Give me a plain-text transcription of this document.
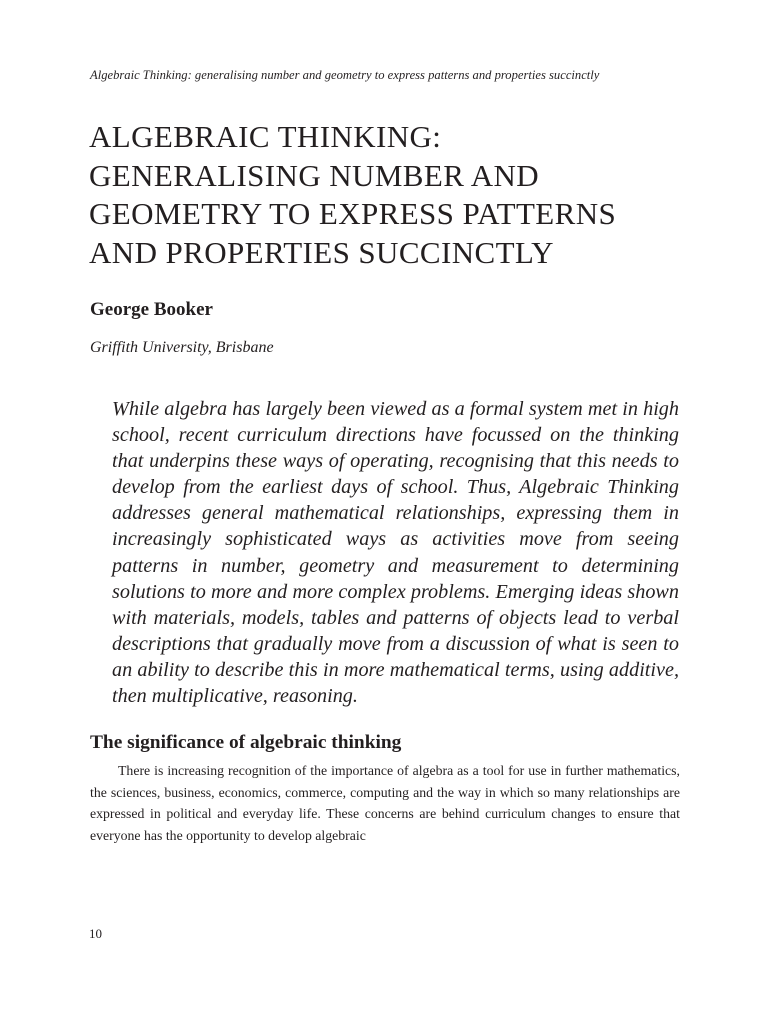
Algebraic Thinking: generalising number and geometry to express patterns and properties succinctly
ALGEBRAIC THINKING:
GENERALISING NUMBER AND
GEOMETRY TO EXPRESS PATTERNS
AND PROPERTIES SUCCINCTLY
George Booker
Griffith University, Brisbane

While algebra has largely been viewed as a formal system met in high school, recent curriculum directions have focussed on the thinking that underpins these ways of operating, recognising that this needs to develop from the earliest days of school. Thus, Algebraic Thinking addresses general mathematical relationships, expressing them in increasingly sophisticated ways as activities move from seeing patterns in number, geometry and measurement to determining solutions to more and more complex problems. Emerging ideas shown with materials, models, tables and patterns of objects lead to verbal descriptions that gradually move from a discussion of what is seen to an ability to describe this in more mathematical terms, using additive, then multiplicative, reasoning.

The significance of algebraic thinking

There is increasing recognition of the importance of algebra as a tool for use in further mathematics, the sciences, business, economics, commerce, computing and the way in which so many relationships are expressed in political and everyday life. These concerns are behind curriculum changes to ensure that everyone has the opportunity to develop algebraic

10
